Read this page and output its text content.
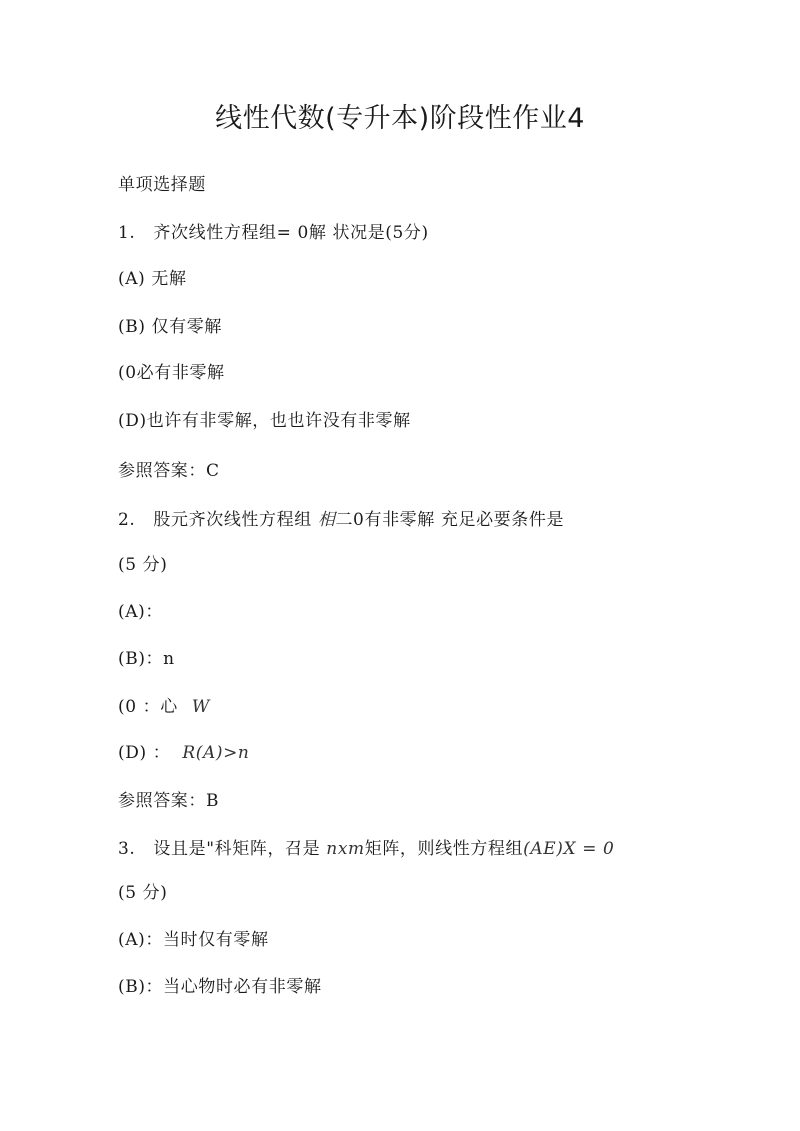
线性代数(专升本)阶段性作业4
单项选择题
1. 齐次线性方程组= 0解 状况是(5分)
(A) 无解
(B) 仅有零解
(0必有非零解
(D)也许有非零解，也也许没有非零解
参照答案：C
2. 股元齐次线性方程组 相二0有非零解 充足必要条件是
(5 分)
(A)：
(B)：n
(0 ：心 W
(D) ： R(A)>n
参照答案：B
3. 设且是"科矩阵，召是 nxm矩阵，则线性方程组(AE)X = 0
(5 分)
(A)：当时仅有零解
(B)：当心物时必有非零解
